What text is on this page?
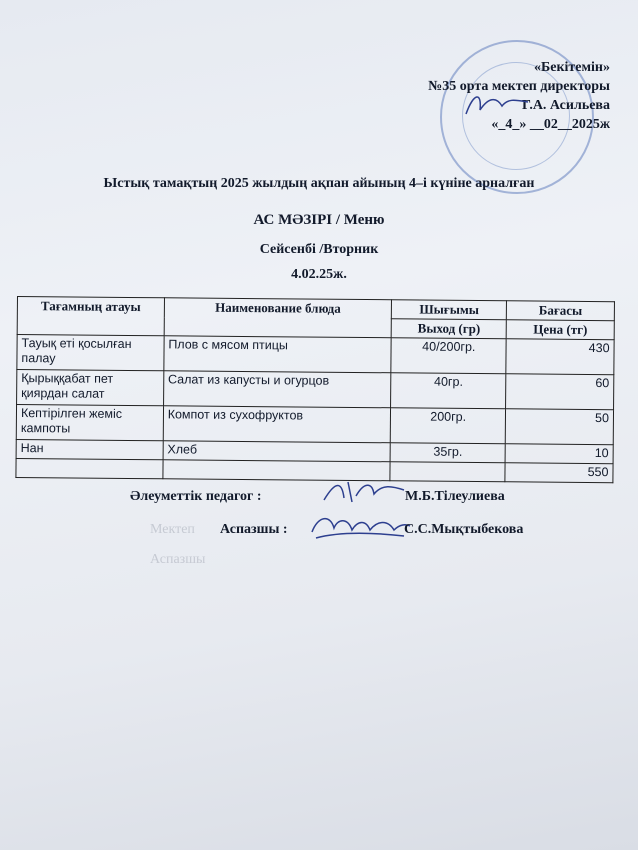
Мектеп
Аспазшы
«Бекітемін»
№35 орта мектеп директоры
Г.А. Асильева
«_4_» __02__2025ж
Ыстық тамақтың 2025 жылдың ақпан айының 4–і күніне арналған
АС МӘЗІРІ / Меню
Сейсенбі /Вторник
4.02.25ж.
Тағамның атауы	Наименование блюда	Шығымы	Бағасы
		Выход (гр)	Цена (тг)
Тауық еті қосылған палау	Плов с мясом птицы	40/200гр.	430
Қырыққабат пет қиярдан салат	Салат из капусты и огурцов	40гр.	60
Кептірілген жеміс кампоты	Компот из сухофруктов	200гр.	50
Нан	Хлеб	35гр.	10
			550
Әлеуметтік педагог :	М.Б.Тілеулиева
Аспазшы :	С.С.Мықтыбекова
